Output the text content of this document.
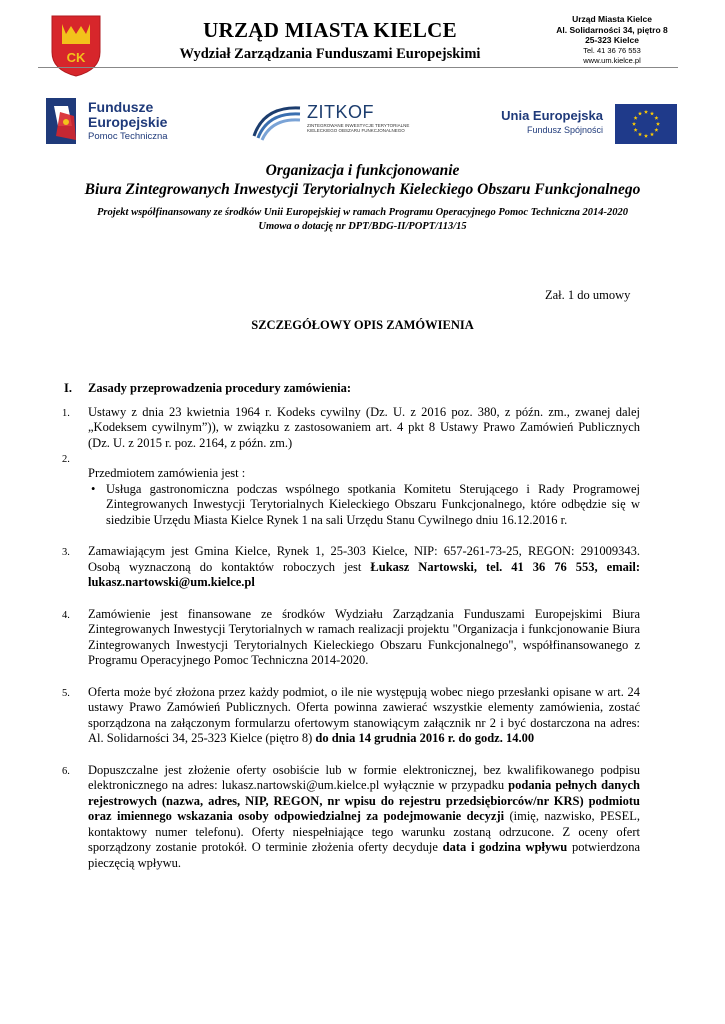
CK
URZĄD MIASTA KIELCE
Wydział Zarządzania Funduszami Europejskimi
Urząd Miasta Kielce
Al. Solidarności 34, piętro 8
25-323 Kielce
Tel. 41 36 76 553
www.um.kielce.pl
Fundusze
Europejskie
Pomoc Techniczna
ZITKOF
ZINTEGROWANE INWESTYCJE TERYTORIALNE KIELECKIEGO OBSZARU FUNKCJONALNEGO
Unia Europejska
Fundusz Spójności
Organizacja i funkcjonowanie
Biura Zintegrowanych Inwestycji Terytorialnych Kieleckiego Obszaru Funkcjonalnego
Projekt współfinansowany ze środków Unii Europejskiej w ramach Programu Operacyjnego Pomoc Techniczna 2014-2020
Umowa o dotację nr DPT/BDG-II/POPT/113/15
Zał. 1 do umowy
SZCZEGÓŁOWY OPIS ZAMÓWIENIA
I. Zasady przeprowadzenia procedury zamówienia:
1. Ustawy z dnia 23 kwietnia 1964 r. Kodeks cywilny (Dz. U. z 2016 poz. 380, z późn. zm., zwanej dalej „Kodeksem cywilnym”)), w związku z zastosowaniem art. 4 pkt 8 Ustawy Prawo Zamówień Publicznych (Dz. U. z 2015 r. poz. 2164, z późn. zm.)
2.
Przedmiotem zamówienia jest :
• Usługa gastronomiczna podczas wspólnego spotkania Komitetu Sterującego i Rady Programowej Zintegrowanych Inwestycji Terytorialnych Kieleckiego Obszaru Funkcjonalnego, które odbędzie się w siedzibie Urzędu Miasta Kielce Rynek 1 na sali Urzędu Stanu Cywilnego dniu 16.12.2016 r.
3. Zamawiającym jest Gmina Kielce, Rynek 1, 25-303 Kielce, NIP: 657-261-73-25, REGON: 291009343. Osobą wyznaczoną do kontaktów roboczych jest Łukasz Nartowski, tel. 41 36 76 553, email: lukasz.nartowski@um.kielce.pl
4. Zamówienie jest finansowane ze środków Wydziału Zarządzania Funduszami Europejskimi Biura Zintegrowanych Inwestycji Terytorialnych w ramach realizacji projektu "Organizacja i funkcjonowanie Biura Zintegrowanych Inwestycji Terytorialnych Kieleckiego Obszaru Funkcjonalnego", współfinansowanego z Programu Operacyjnego Pomoc Techniczna 2014-2020.
5. Oferta może być złożona przez każdy podmiot, o ile nie występują wobec niego przesłanki opisane w art. 24 ustawy Prawo Zamówień Publicznych. Oferta powinna zawierać wszystkie elementy zamówienia, zostać sporządzona na załączonym formularzu ofertowym stanowiącym załącznik nr 2 i być dostarczona na adres: Al. Solidarności 34, 25-323 Kielce (piętro 8) do dnia 14 grudnia 2016 r. do godz. 14.00
6. Dopuszczalne jest złożenie oferty osobiście lub w formie elektronicznej, bez kwalifikowanego podpisu elektronicznego na adres: lukasz.nartowski@um.kielce.pl wyłącznie w przypadku podania pełnych danych rejestrowych (nazwa, adres, NIP, REGON, nr wpisu do rejestru przedsiębiorców/nr KRS) podmiotu oraz imiennego wskazania osoby odpowiedzialnej za podejmowanie decyzji (imię, nazwisko, PESEL, kontaktowy numer telefonu). Oferty niespełniające tego warunku zostaną odrzucone. Z oceny ofert sporządzony zostanie protokół. O terminie złożenia oferty decyduje data i godzina wpływu potwierdzona pieczęcią wpływu.
